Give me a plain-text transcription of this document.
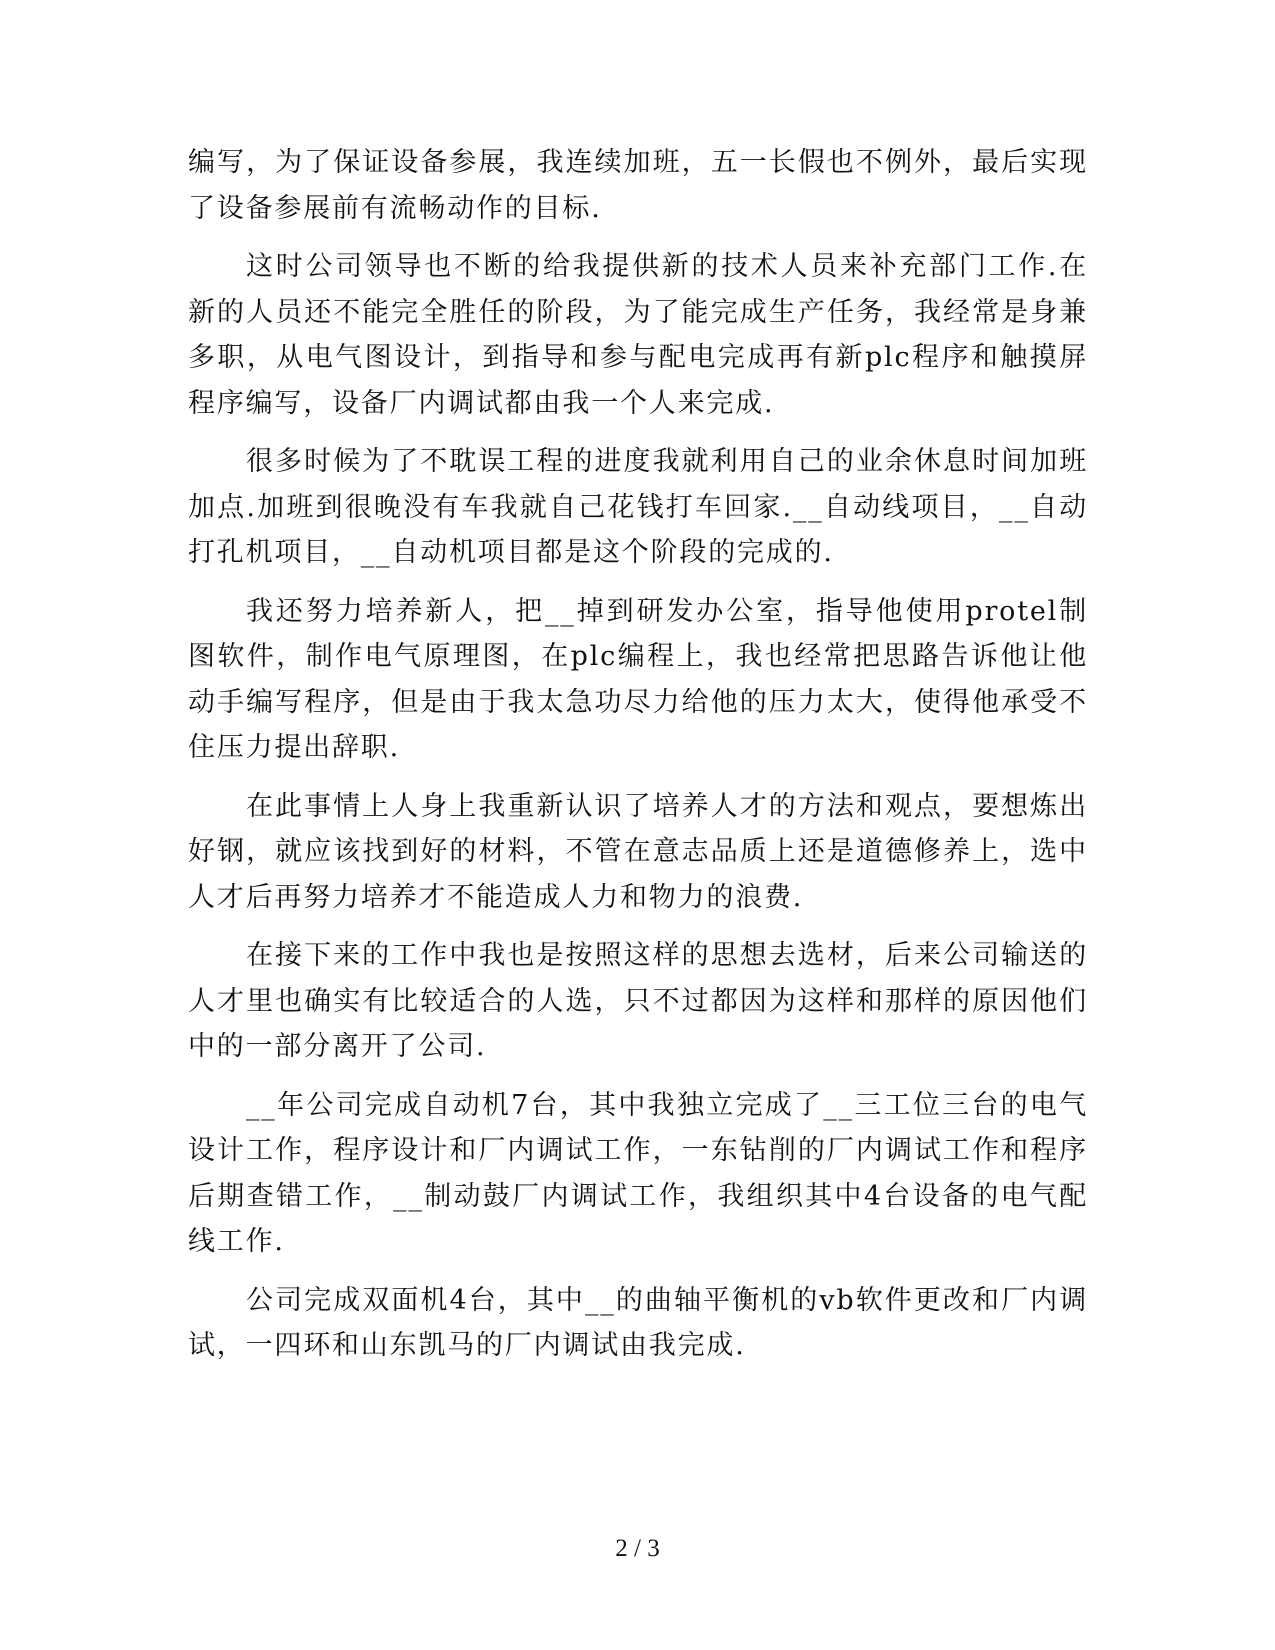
编写，为了保证设备参展，我连续加班，五一长假也不例外，最后实现了设备参展前有流畅动作的目标.

这时公司领导也不断的给我提供新的技术人员来补充部门工作.在新的人员还不能完全胜任的阶段，为了能完成生产任务，我经常是身兼多职，从电气图设计，到指导和参与配电完成再有新plc程序和触摸屏程序编写，设备厂内调试都由我一个人来完成.

很多时候为了不耽误工程的进度我就利用自己的业余休息时间加班加点.加班到很晚没有车我就自己花钱打车回家.__自动线项目，__自动打孔机项目，__自动机项目都是这个阶段的完成的.

我还努力培养新人，把__掉到研发办公室，指导他使用protel制图软件，制作电气原理图，在plc编程上，我也经常把思路告诉他让他动手编写程序，但是由于我太急功尽力给他的压力太大，使得他承受不住压力提出辞职.

在此事情上人身上我重新认识了培养人才的方法和观点，要想炼出好钢，就应该找到好的材料，不管在意志品质上还是道德修养上，选中人才后再努力培养才不能造成人力和物力的浪费.

在接下来的工作中我也是按照这样的思想去选材，后来公司输送的人才里也确实有比较适合的人选，只不过都因为这样和那样的原因他们中的一部分离开了公司.

__年公司完成自动机7台，其中我独立完成了__三工位三台的电气设计工作，程序设计和厂内调试工作，一东钻削的厂内调试工作和程序后期查错工作，__制动鼓厂内调试工作，我组织其中4台设备的电气配线工作.

公司完成双面机4台，其中__的曲轴平衡机的vb软件更改和厂内调试，一四环和山东凯马的厂内调试由我完成.

2 / 3
